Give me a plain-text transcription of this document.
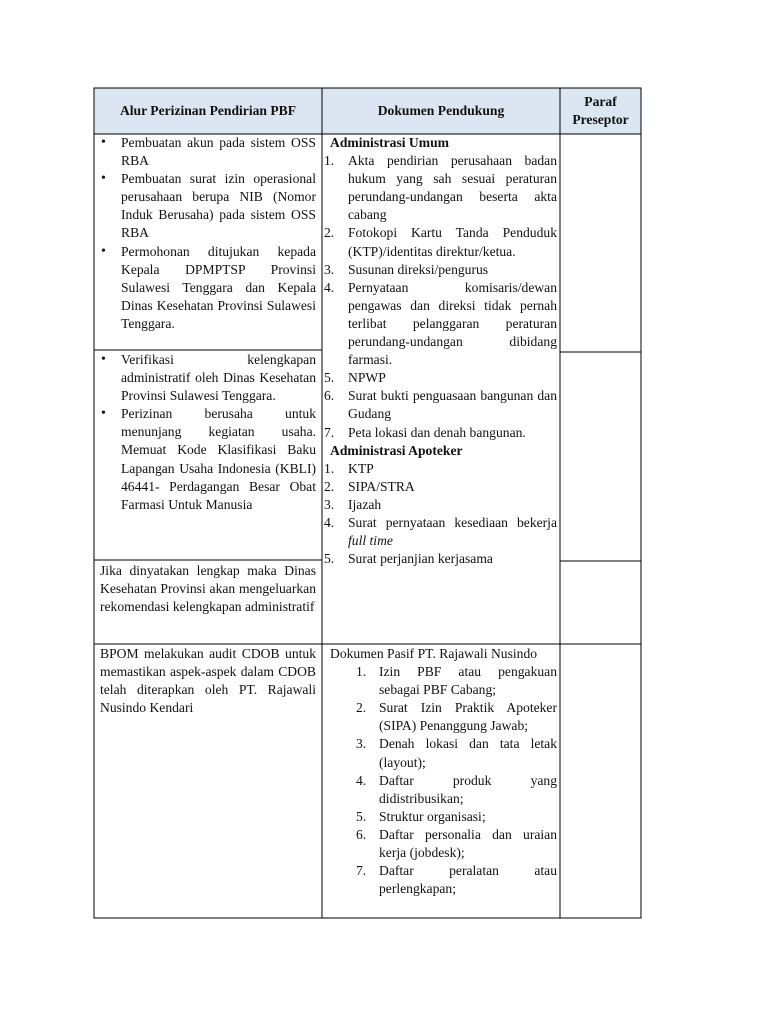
Alur Perizinan Pendirian PBF	Dokumen Pendukung
Paraf
Preseptor
• Pembuatan akun pada sistem OSS RBA
• Pembuatan surat izin operasional perusahaan berupa NIB (Nomor Induk Berusaha) pada sistem OSS RBA
• Permohonan ditujukan kepada Kepala DPMPTSP Provinsi Sulawesi Tenggara dan Kepala Dinas Kesehatan Provinsi Sulawesi Tenggara.
• Verifikasi kelengkapan administratif oleh Dinas Kesehatan Provinsi Sulawesi Tenggara.
• Perizinan berusaha untuk menunjang kegiatan usaha. Memuat Kode Klasifikasi Baku Lapangan Usaha Indonesia (KBLI) 46441- Perdagangan Besar Obat Farmasi Untuk Manusia
Jika dinyatakan lengkap maka Dinas Kesehatan Provinsi akan mengeluarkan rekomendasi kelengkapan administratif
BPOM melakukan audit CDOB untuk memastikan aspek-aspek dalam CDOB telah diterapkan oleh PT. Rajawali Nusindo Kendari
Administrasi Umum
1. Akta pendirian perusahaan badan hukum yang sah sesuai peraturan perundang-undangan beserta akta cabang
2. Fotokopi Kartu Tanda Penduduk (KTP)/identitas direktur/ketua.
3. Susunan direksi/pengurus
4. Pernyataan komisaris/dewan pengawas dan direksi tidak pernah terlibat pelanggaran peraturan perundang-undangan dibidang farmasi.
5. NPWP
6. Surat bukti penguasaan bangunan dan Gudang
7. Peta lokasi dan denah bangunan.
Administrasi Apoteker
1. KTP
2. SIPA/STRA
3. Ijazah
4. Surat pernyataan kesediaan bekerja full time
5. Surat perjanjian kerjasama
Dokumen Pasif PT. Rajawali Nusindo
1. Izin PBF atau pengakuan sebagai PBF Cabang;
2. Surat Izin Praktik Apoteker (SIPA) Penanggung Jawab;
3. Denah lokasi dan tata letak (layout);
4. Daftar produk yang didistribusikan;
5. Struktur organisasi;
6. Daftar personalia dan uraian kerja (jobdesk);
7. Daftar peralatan atau perlengkapan;
